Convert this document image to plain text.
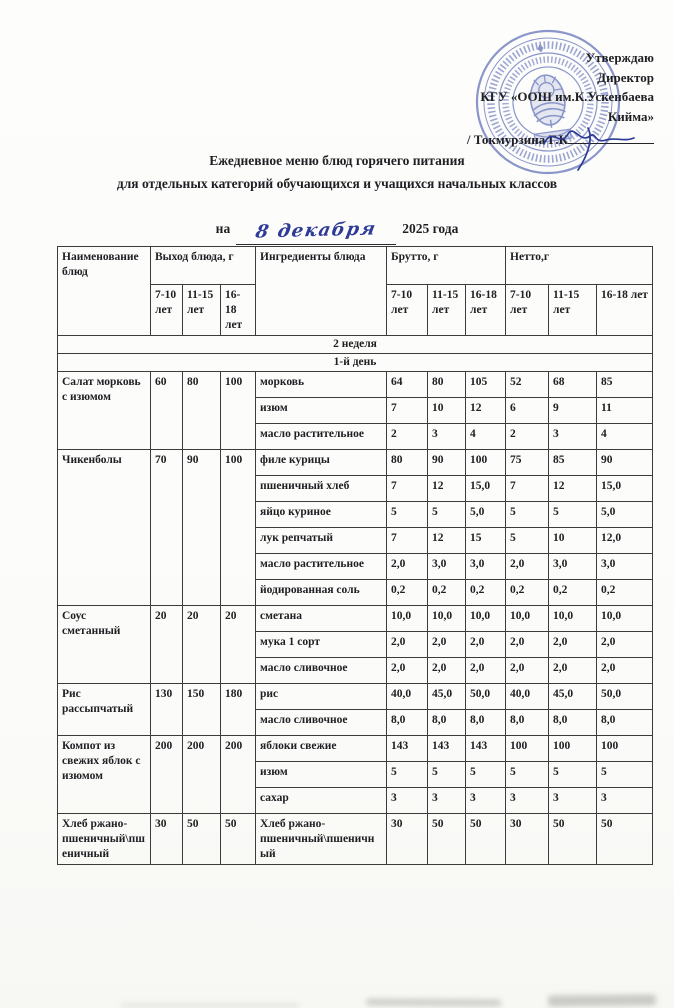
Утверждаю
Директор
КГУ «ООШ им.К.Ускенбаева
Кийма»
/ Токмурзина Г.К
Ежедневное меню блюд горячего питания
для отдельных категорий обучающихся и учащихся начальных классов
на 8 декабря 2025 года
Наименование блюд	Выход блюда, г			Ингредиенты блюда	Брутто, г			Нетто,г		
	7-10 лет	11-15 лет	16-18 лет		7-10 лет	11-15 лет	16-18 лет	7-10 лет	11-15 лет	16-18 лет
2 неделя										
1-й день										
Салат морковь с изюмом	60	80	100	морковь	64	80	105	52	68	85
				изюм	7	10	12	6	9	11
				масло растительное	2	3	4	2	3	4
Чикенболы	70	90	100	филе курицы	80	90	100	75	85	90
				пшеничный хлеб	7	12	15,0	7	12	15,0
				яйцо куриное	5	5	5,0	5	5	5,0
				лук репчатый	7	12	15	5	10	12,0
				масло растительное	2,0	3,0	3,0	2,0	3,0	3,0
				йодированная соль	0,2	0,2	0,2	0,2	0,2	0,2
Соус сметанный	20	20	20	сметана	10,0	10,0	10,0	10,0	10,0	10,0
				мука 1 сорт	2,0	2,0	2,0	2,0	2,0	2,0
				масло сливочное	2,0	2,0	2,0	2,0	2,0	2,0
Рис рассыпчатый	130	150	180	рис	40,0	45,0	50,0	40,0	45,0	50,0
				масло сливочное	8,0	8,0	8,0	8,0	8,0	8,0
Компот из свежих яблок с изюмом	200	200	200	яблоки свежие	143	143	143	100	100	100
				изюм	5	5	5	5	5	5
				сахар	3	3	3	3	3	3
Хлеб ржано-пшеничный\пшеничный	30	50	50	Хлеб ржано-пшеничный\пшеничный	30	50	50	30	50	50
